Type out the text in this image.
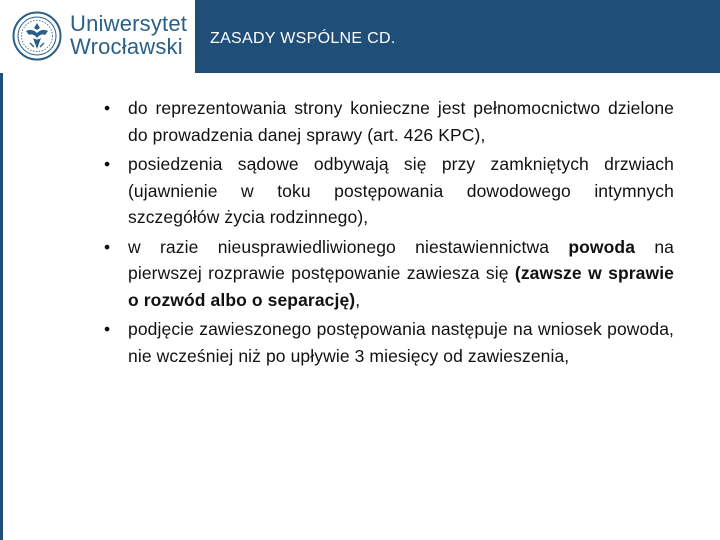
Uniwersytet
Wrocławski ZASADY WSPÓLNE CD.
•	do reprezentowania strony konieczne jest pełnomocnictwo dzielone do prowadzenia danej sprawy (art. 426 KPC),
•	posiedzenia sądowe odbywają się przy zamkniętych drzwiach (ujawnienie w toku postępowania dowodowego intymnych szczegółów życia rodzinnego),
•	w razie nieusprawiedliwionego niestawiennictwa powoda na pierwszej rozprawie postępowanie zawiesza się (zawsze w sprawie o rozwód albo o separację),
•	podjęcie zawieszonego postępowania następuje na wniosek powoda, nie wcześniej niż po upływie 3 miesięcy od zawieszenia,
